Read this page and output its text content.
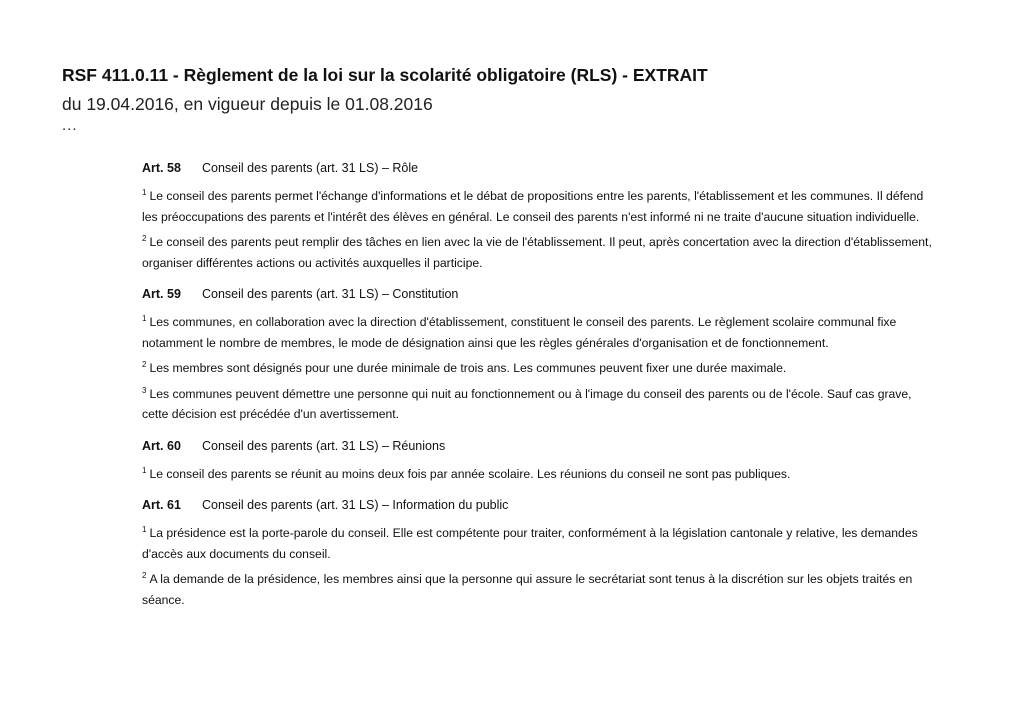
RSF 411.0.11 - Règlement de la loi sur la scolarité obligatoire (RLS) - EXTRAIT
du 19.04.2016, en vigueur depuis le 01.08.2016
...
Art. 58 Conseil des parents (art. 31 LS) – Rôle

$^1$ Le conseil des parents permet l'échange d'informations et le débat de propositions entre les parents, l'établissement et les communes. Il défend les préoccupations des parents et l'intérêt des élèves en général. Le conseil des parents n'est informé ni ne traite d'aucune situation individuelle.

$^2$ Le conseil des parents peut remplir des tâches en lien avec la vie de l'établissement. Il peut, après concertation avec la direction d'établissement, organiser différentes actions ou activités auxquelles il participe.

Art. 59 Conseil des parents (art. 31 LS) – Constitution

$^1$ Les communes, en collaboration avec la direction d'établissement, constituent le conseil des parents. Le règlement scolaire communal fixe notamment le nombre de membres, le mode de désignation ainsi que les règles générales d'organisation et de fonctionnement.

$^2$ Les membres sont désignés pour une durée minimale de trois ans. Les communes peuvent fixer une durée maximale.

$^3$ Les communes peuvent démettre une personne qui nuit au fonctionnement ou à l'image du conseil des parents ou de l'école. Sauf cas grave, cette décision est précédée d'un avertissement.

Art. 60 Conseil des parents (art. 31 LS) – Réunions

$^1$ Le conseil des parents se réunit au moins deux fois par année scolaire. Les réunions du conseil ne sont pas publiques.

Art. 61 Conseil des parents (art. 31 LS) – Information du public

$^1$ La présidence est la porte-parole du conseil. Elle est compétente pour traiter, conformément à la législation cantonale y relative, les demandes d'accès aux documents du conseil.

$^2$ A la demande de la présidence, les membres ainsi que la personne qui assure le secrétariat sont tenus à la discrétion sur les objets traités en séance.
